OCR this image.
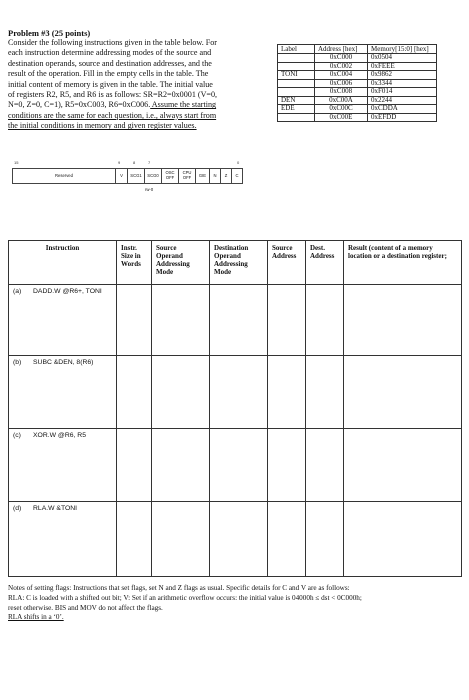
Problem #3 (25 points)
Consider the following instructions given in the table below. For
each instruction determine addressing modes of the source and
destination operands, source and destination addresses, and the
result of the operation. Fill in the empty cells in the table. The
initial content of memory is given in the table. The initial value
of registers R2, R5, and R6 is as follows: SR=R2=0x0001 (V=0,
N=0, Z=0, C=1), R5=0xC003, R6=0xC006. Assume the starting
conditions are the same for each question, i.e., always start from
the initial conditions in memory and given register values.
Label	Address [hex]	Memory[15:0] [hex]
	0xC000	0x0504
	0xC002	0xFEEE
TONI	0xC004	0x9862
	0xC006	0x3344
	0xC008	0xF014
DEN	0xC00A	0x2244
EDE	0xC00C	0xCDDA
	0xC00E	0xEFDD
15	9	8	7	0
Reserved	V	SCG1	SCG0	OSC OFF
CPU OFF	GIE	N	Z	C
rw-0
Instruction	Instr. Size in Words	Source Operand Addressing Mode	Destination Operand Addressing Mode	Source Address	Dest. Address	Result (content of a memory location or a destination register;
(a) DADD.W @R6+, TONI						
(b) SUBC &DEN, 8(R6)						
(c) XOR.W @R6, R5						
(d) RLA.W &TONI						
Notes of setting flags: Instructions that set flags, set N and Z flags as usual. Specific details for C and V are as follows:
RLA: C is loaded with a shifted out bit; V: Set if an arithmetic overflow occurs: the initial value is 04000h ≤ dst < 0C000h;
reset otherwise. BIS and MOV do not affect the flags.
RLA shifts in a ‘0’.
